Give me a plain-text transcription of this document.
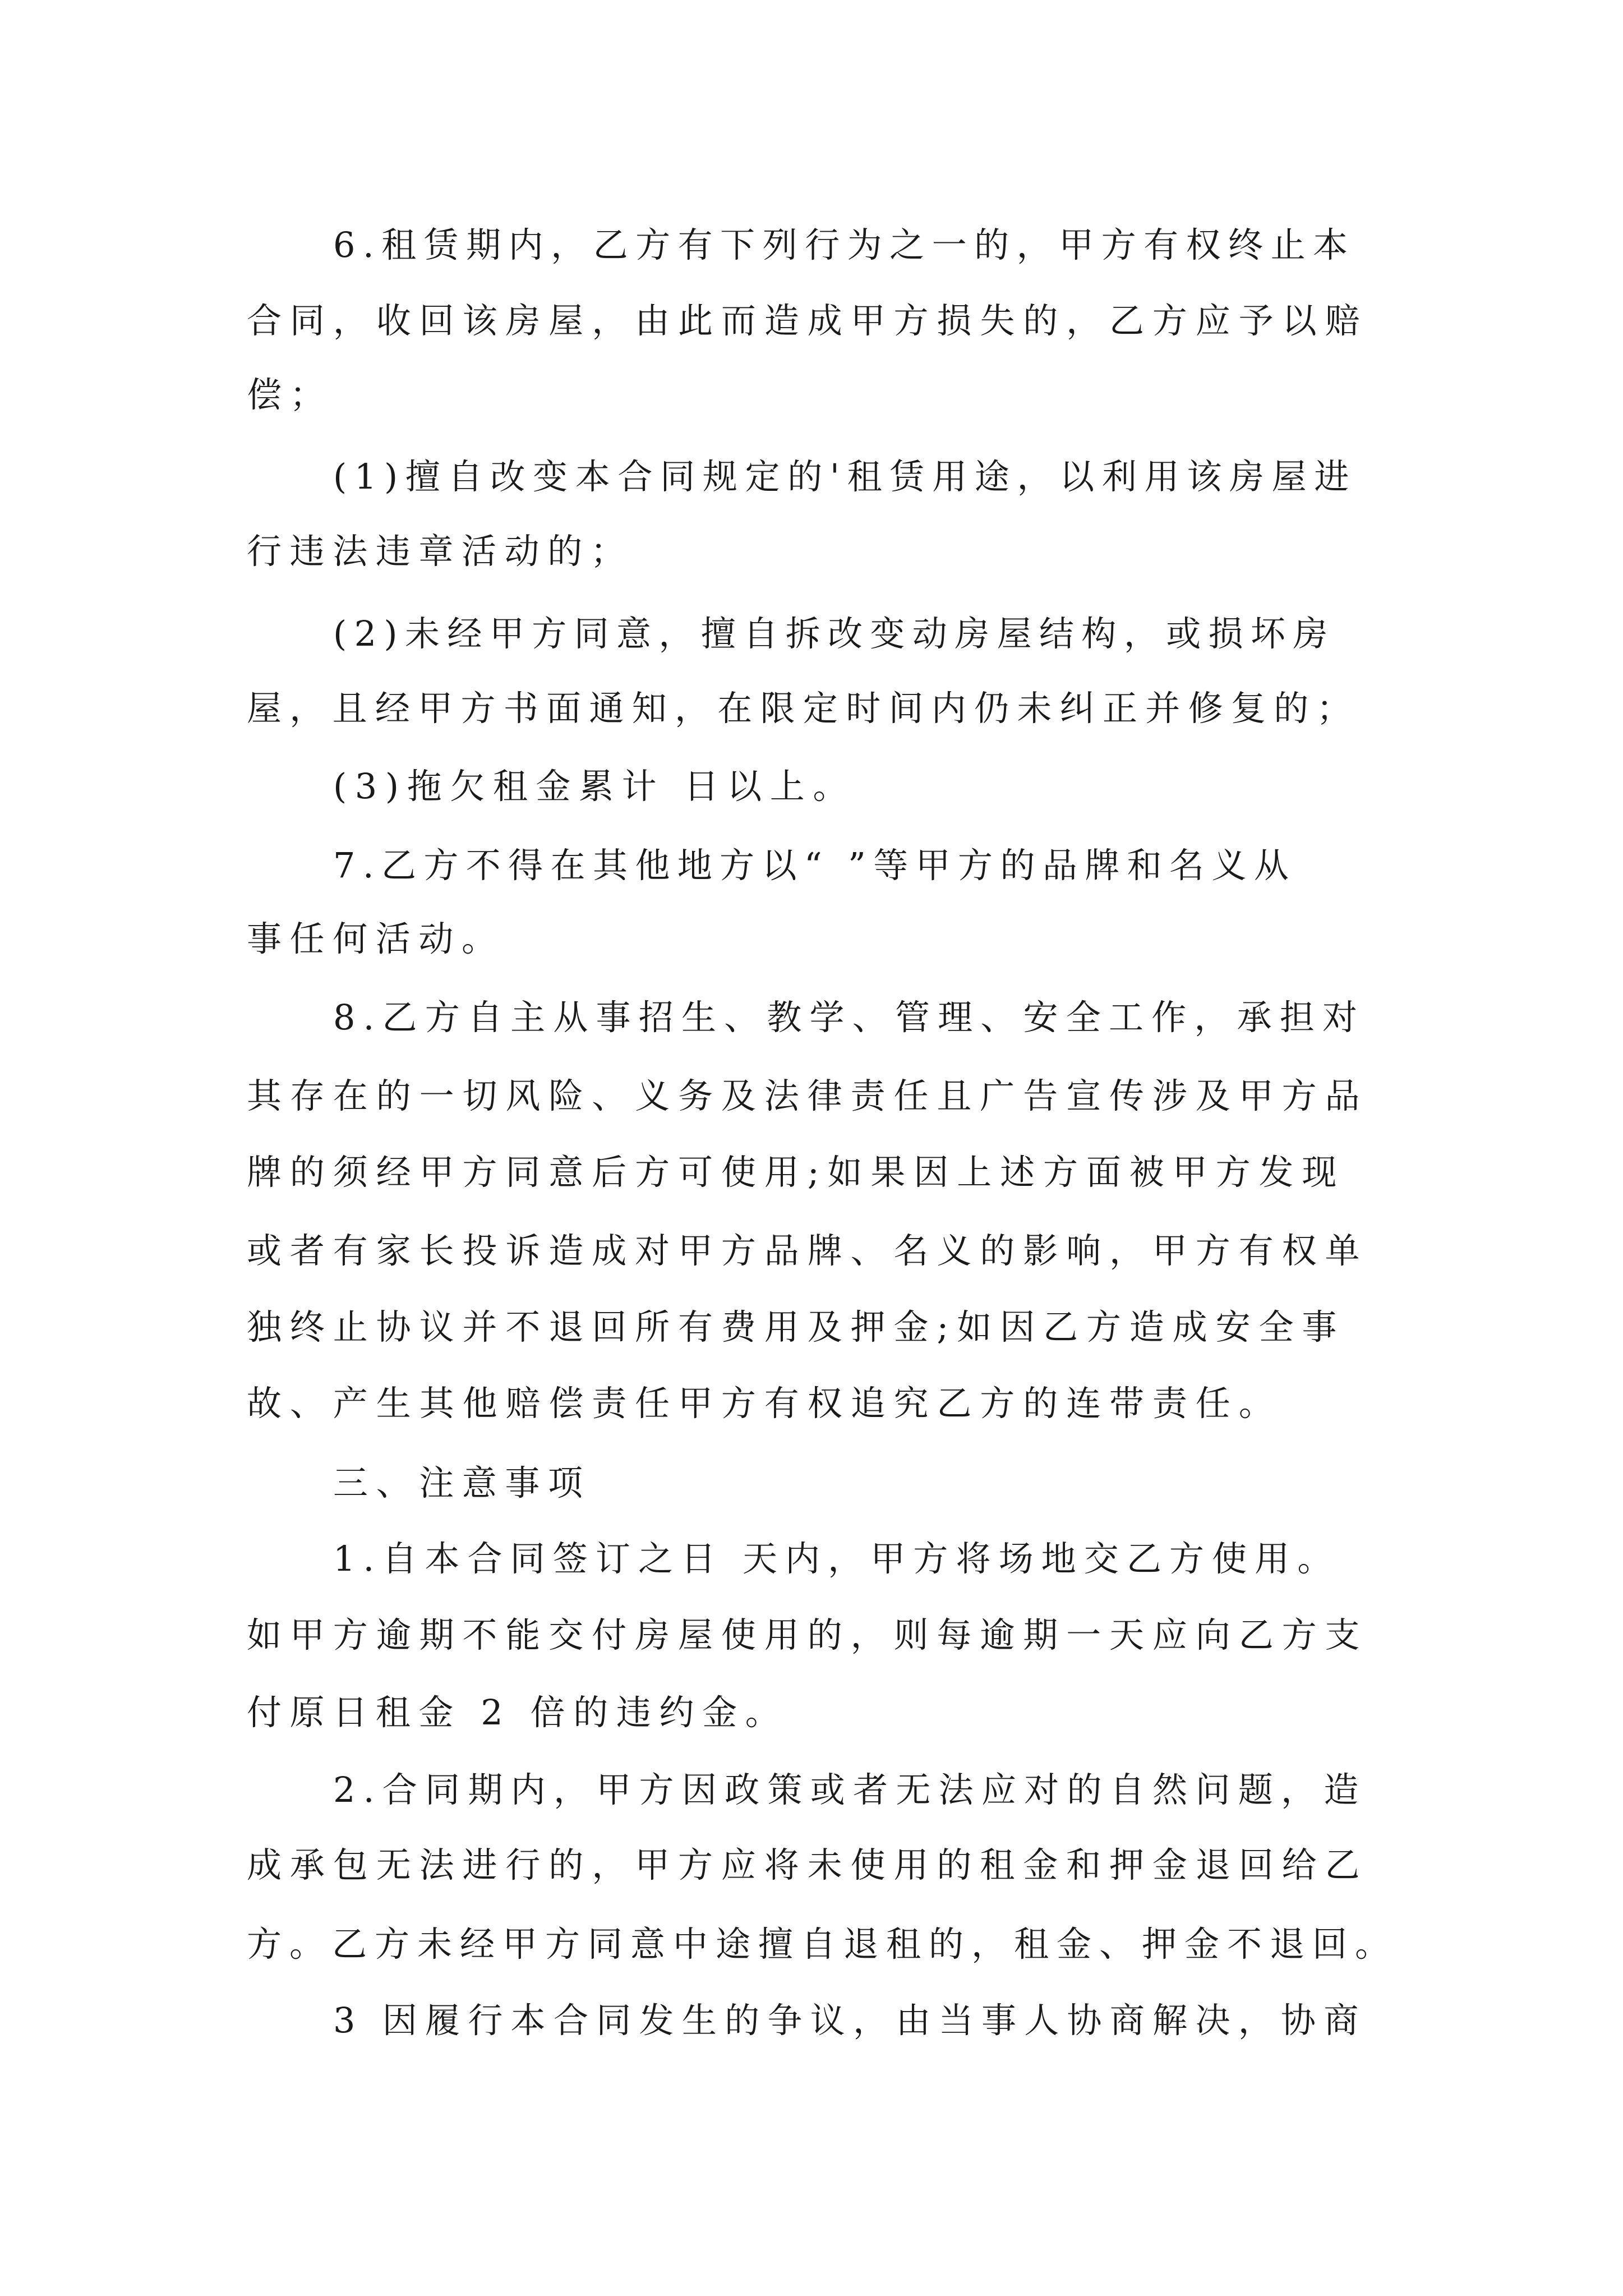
6.租赁期内，乙方有下列行为之一的，甲方有权终止本
合同，收回该房屋，由此而造成甲方损失的，乙方应予以赔
偿；
(1)擅自改变本合同规定的'租赁用途，以利用该房屋进
行违法违章活动的；
(2)未经甲方同意，擅自拆改变动房屋结构，或损坏房
屋，且经甲方书面通知，在限定时间内仍未纠正并修复的；
(3)拖欠租金累计 日以上。
7.乙方不得在其他地方以“ ”等甲方的品牌和名义从
事任何活动。
8.乙方自主从事招生、教学、管理、安全工作，承担对
其存在的一切风险、义务及法律责任且广告宣传涉及甲方品
牌的须经甲方同意后方可使用;如果因上述方面被甲方发现
或者有家长投诉造成对甲方品牌、名义的影响，甲方有权单
独终止协议并不退回所有费用及押金;如因乙方造成安全事
故、产生其他赔偿责任甲方有权追究乙方的连带责任。
三、注意事项
1.自本合同签订之日 天内，甲方将场地交乙方使用。
如甲方逾期不能交付房屋使用的，则每逾期一天应向乙方支
付原日租金 2 倍的违约金。
2.合同期内，甲方因政策或者无法应对的自然问题，造
成承包无法进行的，甲方应将未使用的租金和押金退回给乙
方。乙方未经甲方同意中途擅自退租的，租金、押金不退回。
3 因履行本合同发生的争议，由当事人协商解决，协商
